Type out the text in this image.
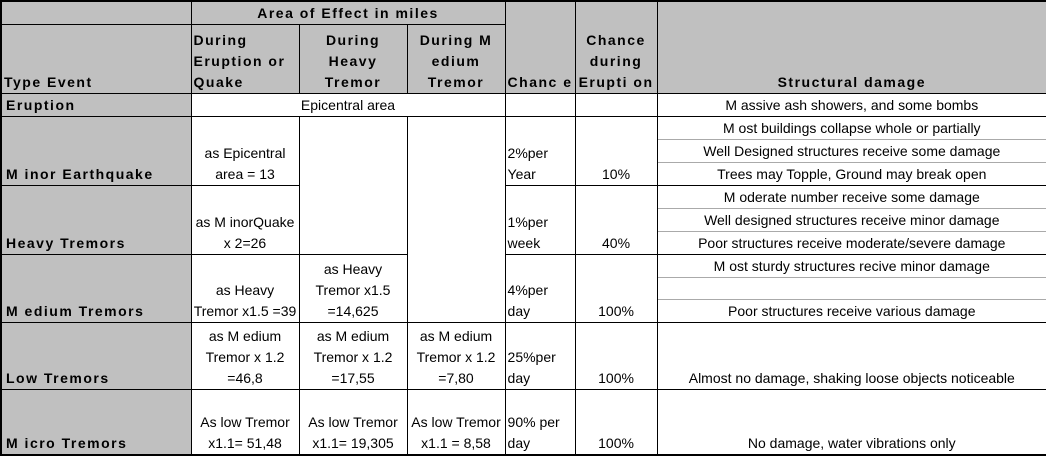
	Area of Effect in miles			Chanc e	Chance during Erupti on	Structural damage
Type Event	During Eruption or Quake	During Heavy Tremor	During M edium Tremor			
Eruption	Epicentral area					M assive ash showers, and some bombs
M inor Earthquake	as Epicentral area = 13			2%per Year	10%	M ost buildings collapse whole or partially
						Well Designed structures receive some damage
						Trees may Topple, Ground may break open
Heavy Tremors	as M inorQuake x 2=26			1%per week	40%	M oderate number receive some damage
						Well designed structures receive minor damage
						Poor structures receive moderate/severe damage
M edium Tremors	as Heavy Tremor x1.5 =39	as Heavy Tremor x1.5 =14,625		4%per day	100%	M ost sturdy structures recive minor damage

						Poor structures receive various damage
Low Tremors	as M edium Tremor x 1.2 =46,8	as M edium Tremor x 1.2 =17,55	as M edium Tremor x 1.2 =7,80	25%per day	100%	Almost no damage, shaking loose objects noticeable

M icro Tremors	As low Tremor x1.1= 51,48	As low Tremor x1.1= 19,305	As low Tremor x1.1 = 8,58	90% per day	100%	No damage, water vibrations only
